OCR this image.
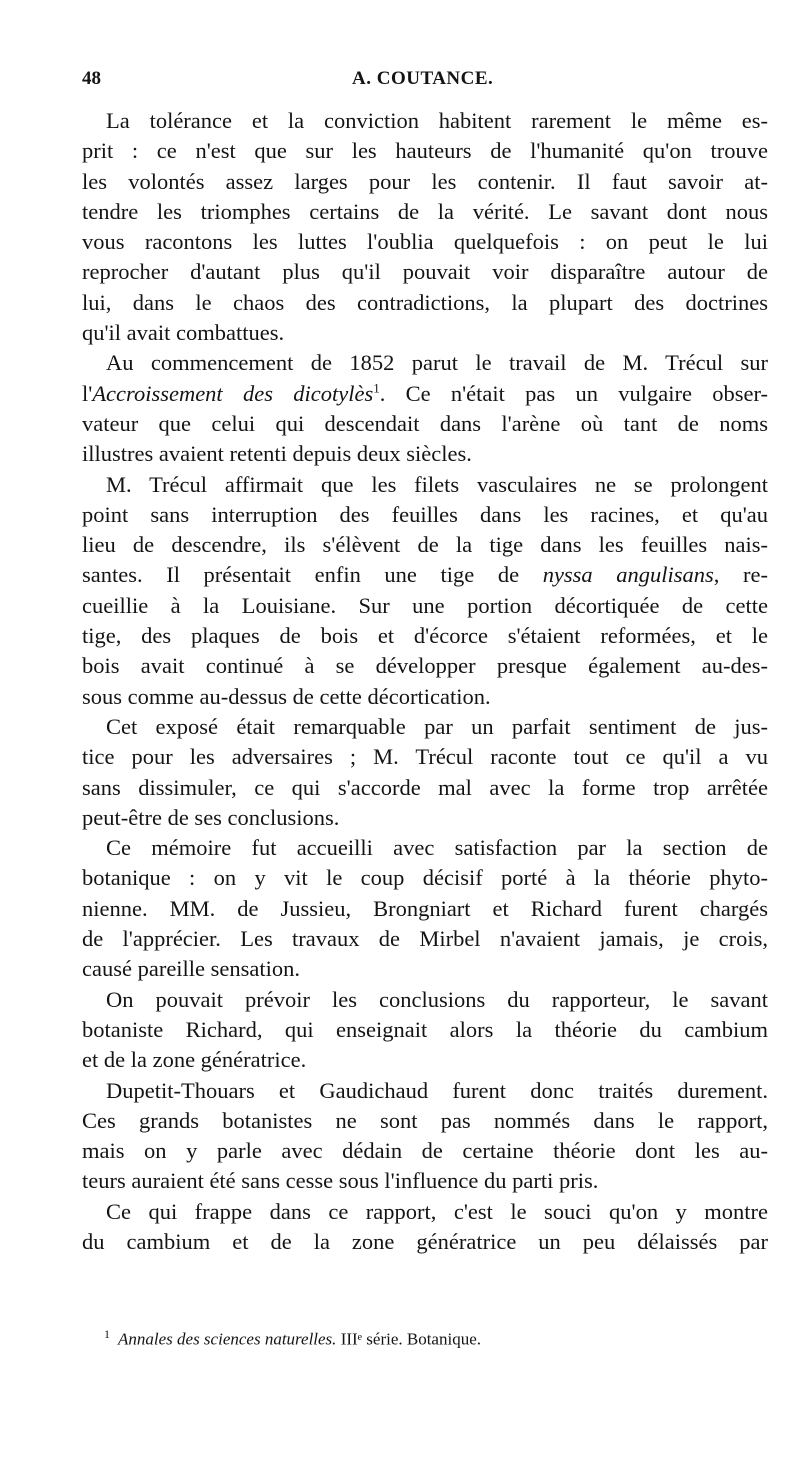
48	A. COUTANCE.
La tolérance et la conviction habitent rarement le même es-
prit : ce n'est que sur les hauteurs de l'humanité qu'on trouve
les volontés assez larges pour les contenir. Il faut savoir at-
tendre les triomphes certains de la vérité. Le savant dont nous
vous racontons les luttes l'oublia quelquefois : on peut le lui
reprocher d'autant plus qu'il pouvait voir disparaître autour de
lui, dans le chaos des contradictions, la plupart des doctrines
qu'il avait combattues.
Au commencement de 1852 parut le travail de M. Trécul sur
l'Accroissement des dicotylès$^1$. Ce n'était pas un vulgaire obser-
vateur que celui qui descendait dans l'arène où tant de noms
illustres avaient retenti depuis deux siècles.
M. Trécul affirmait que les filets vasculaires ne se prolongent
point sans interruption des feuilles dans les racines, et qu'au
lieu de descendre, ils s'élèvent de la tige dans les feuilles nais-
santes. Il présentait enfin une tige de nyssa angulisans, re-
cueillie à la Louisiane. Sur une portion décortiquée de cette
tige, des plaques de bois et d'écorce s'étaient reformées, et le
bois avait continué à se développer presque également au-des-
sous comme au-dessus de cette décortication.
Cet exposé était remarquable par un parfait sentiment de jus-
tice pour les adversaires ; M. Trécul raconte tout ce qu'il a vu
sans dissimuler, ce qui s'accorde mal avec la forme trop arrêtée
peut-être de ses conclusions.
Ce mémoire fut accueilli avec satisfaction par la section de
botanique : on y vit le coup décisif porté à la théorie phyto-
nienne. MM. de Jussieu, Brongniart et Richard furent chargés
de l'apprécier. Les travaux de Mirbel n'avaient jamais, je crois,
causé pareille sensation.
On pouvait prévoir les conclusions du rapporteur, le savant
botaniste Richard, qui enseignait alors la théorie du cambium
et de la zone génératrice.
Dupetit-Thouars et Gaudichaud furent donc traités durement.
Ces grands botanistes ne sont pas nommés dans le rapport,
mais on y parle avec dédain de certaine théorie dont les au-
teurs auraient été sans cesse sous l'influence du parti pris.
Ce qui frappe dans ce rapport, c'est le souci qu'on y montre
du cambium et de la zone génératrice un peu délaissés par
$^1$ Annales des sciences naturelles. IIIᵉ série. Botanique.
